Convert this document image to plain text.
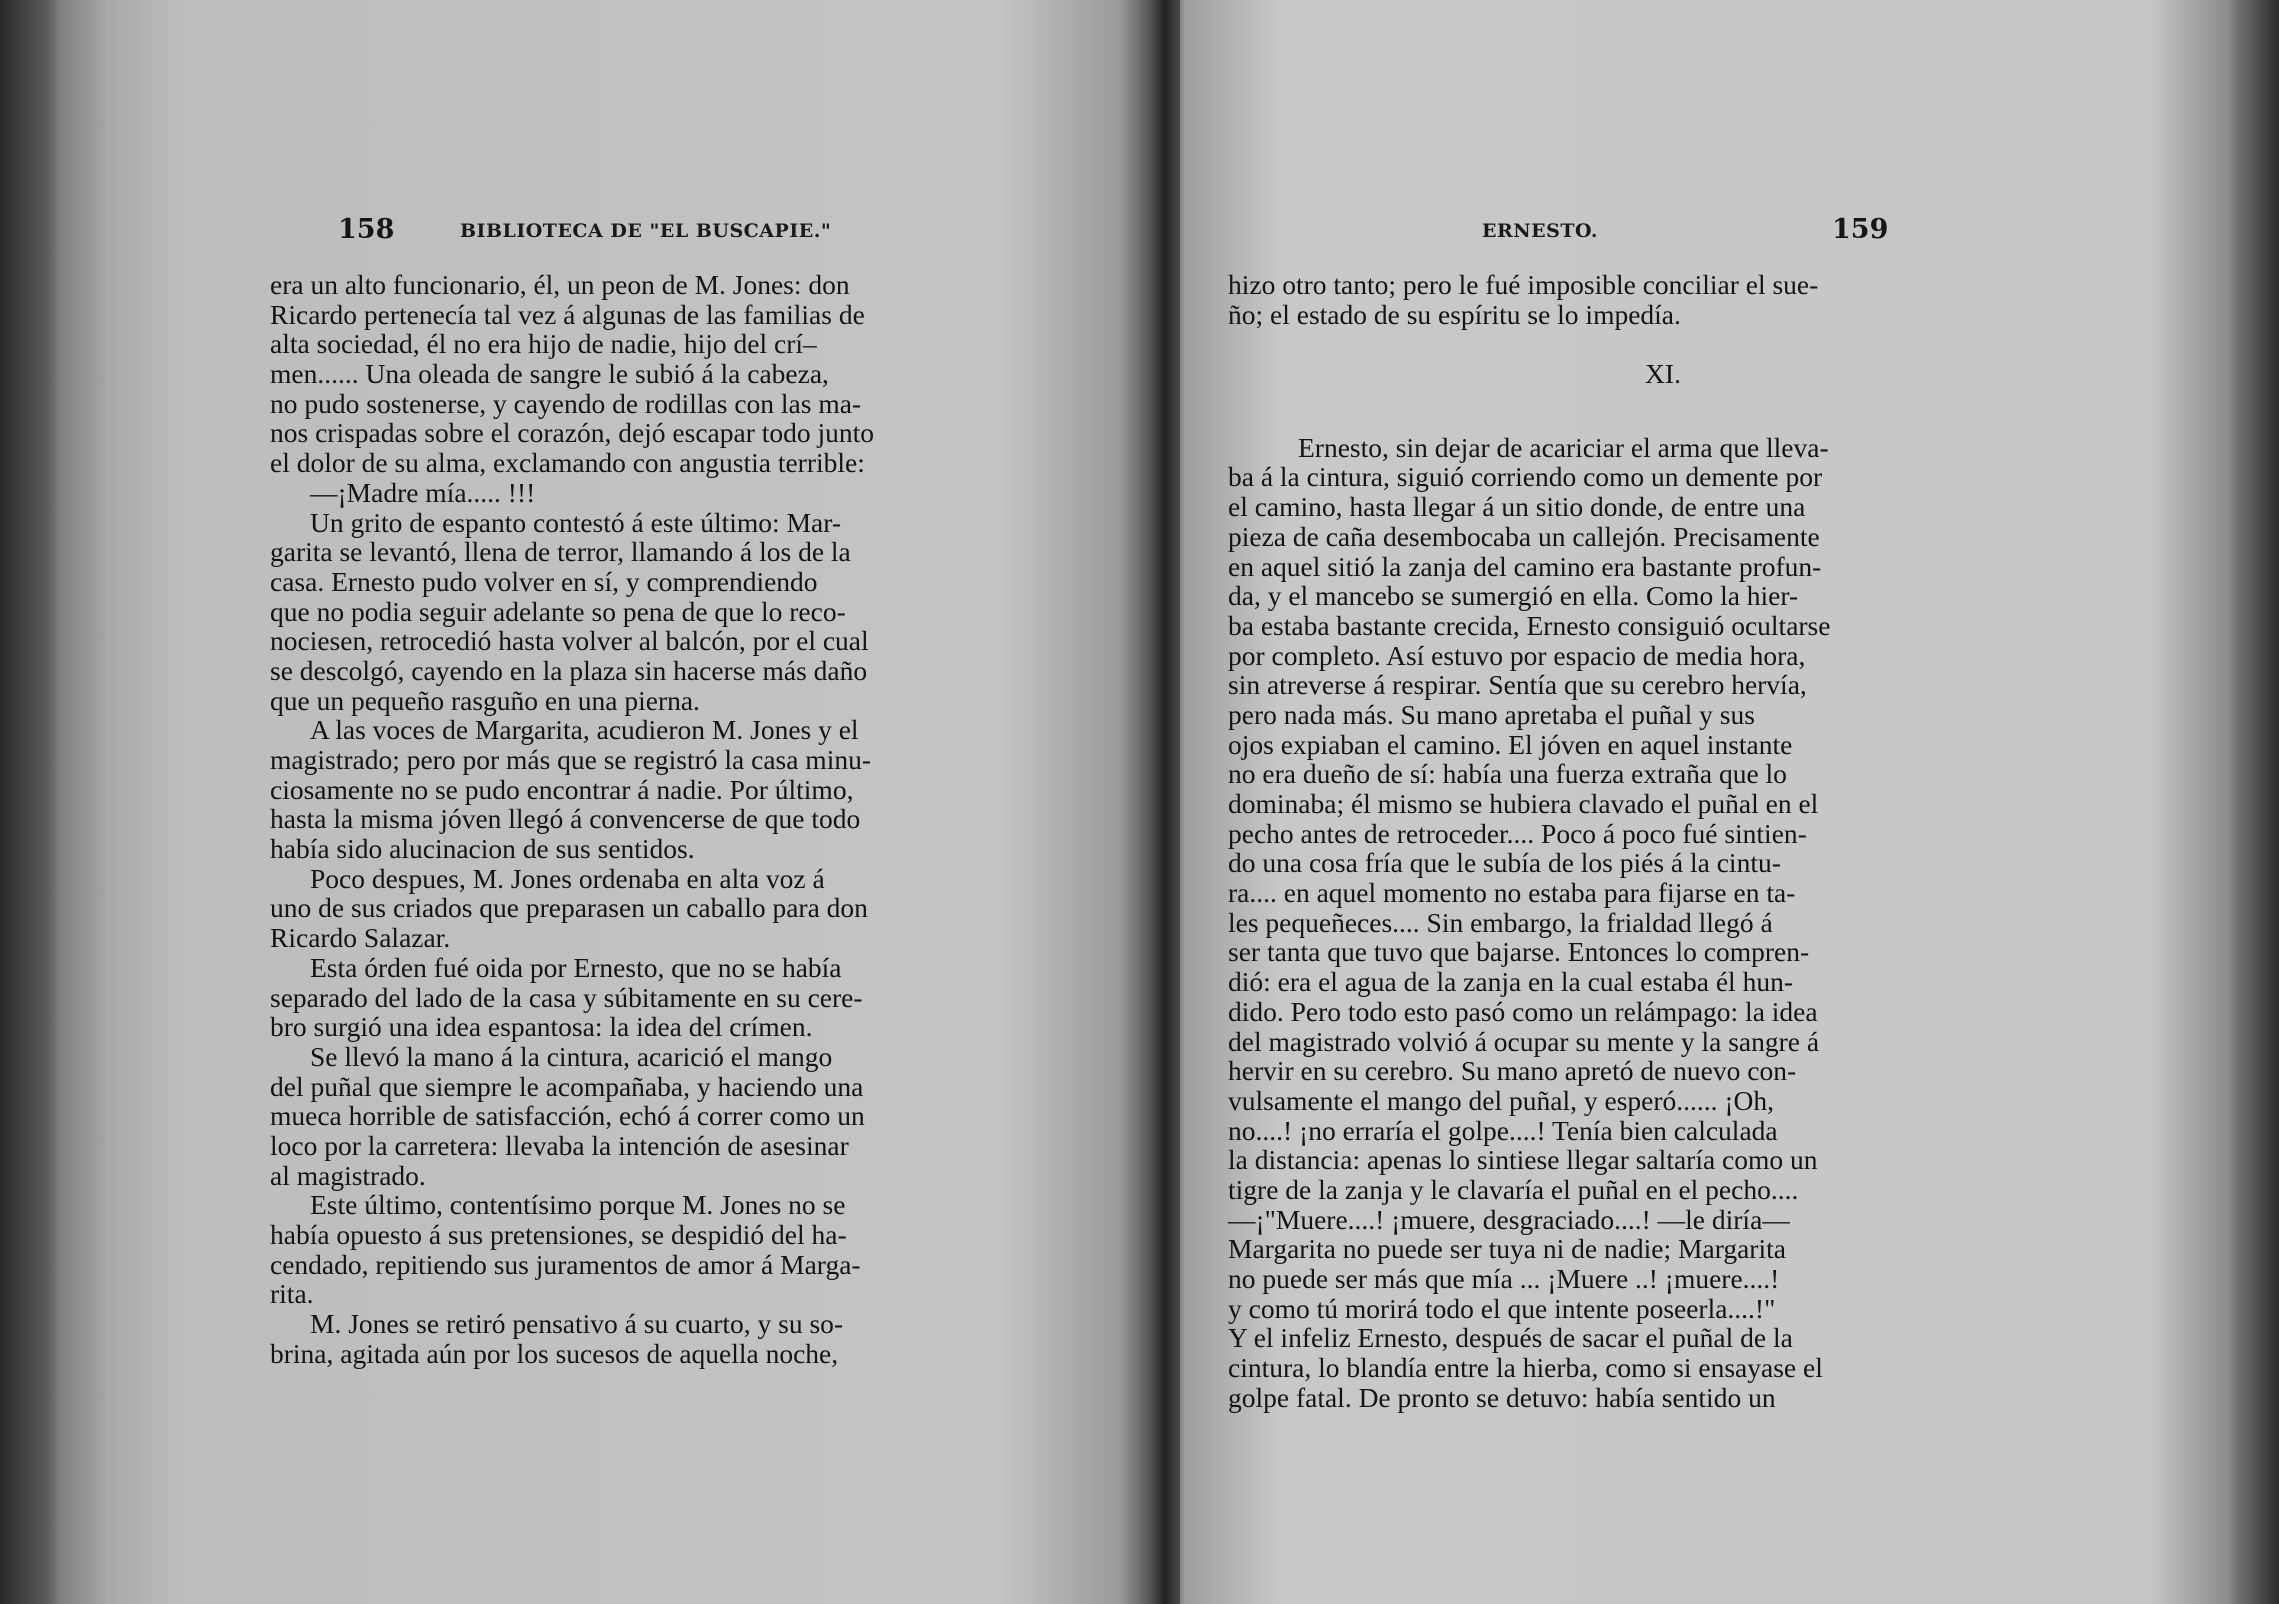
158	BIBLIOTECA DE "EL BUSCAPIE."
era un alto funcionario, él, un peon de M. Jones: don
Ricardo pertenecía tal vez á algunas de las familias de
alta sociedad, él no era hijo de nadie, hijo del crí–
men...... Una oleada de sangre le subió á la cabeza,
no pudo sostenerse, y cayendo de rodillas con las ma-
nos crispadas sobre el corazón, dejó escapar todo junto
el dolor de su alma, exclamando con angustia terrible:
—¡Madre mía..... !!!
Un grito de espanto contestó á este último: Mar-
garita se levantó, llena de terror, llamando á los de la
casa. Ernesto pudo volver en sí, y comprendiendo
que no podia seguir adelante so pena de que lo reco-
nociesen, retrocedió hasta volver al balcón, por el cual
se descolgó, cayendo en la plaza sin hacerse más daño
que un pequeño rasguño en una pierna.
A las voces de Margarita, acudieron M. Jones y el
magistrado; pero por más que se registró la casa minu-
ciosamente no se pudo encontrar á nadie. Por último,
hasta la misma jóven llegó á convencerse de que todo
había sido alucinacion de sus sentidos.
Poco despues, M. Jones ordenaba en alta voz á
uno de sus criados que preparasen un caballo para don
Ricardo Salazar.
Esta órden fué oida por Ernesto, que no se había
separado del lado de la casa y súbitamente en su cere-
bro surgió una idea espantosa: la idea del crímen.
Se llevó la mano á la cintura, acarició el mango
del puñal que siempre le acompañaba, y haciendo una
mueca horrible de satisfacción, echó á correr como un
loco por la carretera: llevaba la intención de asesinar
al magistrado.
Este último, contentísimo porque M. Jones no se
había opuesto á sus pretensiones, se despidió del ha-
cendado, repitiendo sus juramentos de amor á Marga-
rita.
M. Jones se retiró pensativo á su cuarto, y su so-
brina, agitada aún por los sucesos de aquella noche,
ERNESTO.	159
hizo otro tanto; pero le fué imposible conciliar el sue-
ño; el estado de su espíritu se lo impedía.
XI.
Ernesto, sin dejar de acariciar el arma que lleva-
ba á la cintura, siguió corriendo como un demente por
el camino, hasta llegar á un sitio donde, de entre una
pieza de caña desembocaba un callejón. Precisamente
en aquel sitió la zanja del camino era bastante profun-
da, y el mancebo se sumergió en ella. Como la hier-
ba estaba bastante crecida, Ernesto consiguió ocultarse
por completo. Así estuvo por espacio de media hora,
sin atreverse á respirar. Sentía que su cerebro hervía,
pero nada más. Su mano apretaba el puñal y sus
ojos expiaban el camino. El jóven en aquel instante
no era dueño de sí: había una fuerza extraña que lo
dominaba; él mismo se hubiera clavado el puñal en el
pecho antes de retroceder.... Poco á poco fué sintien-
do una cosa fría que le subía de los piés á la cintu-
ra.... en aquel momento no estaba para fijarse en ta-
les pequeñeces.... Sin embargo, la frialdad llegó á
ser tanta que tuvo que bajarse. Entonces lo compren-
dió: era el agua de la zanja en la cual estaba él hun-
dido. Pero todo esto pasó como un relámpago: la idea
del magistrado volvió á ocupar su mente y la sangre á
hervir en su cerebro. Su mano apretó de nuevo con-
vulsamente el mango del puñal, y esperó...... ¡Oh,
no....! ¡no erraría el golpe....! Tenía bien calculada
la distancia: apenas lo sintiese llegar saltaría como un
tigre de la zanja y le clavaría el puñal en el pecho....
—¡"Muere....! ¡muere, desgraciado....! —le diría—
Margarita no puede ser tuya ni de nadie; Margarita
no puede ser más que mía ... ¡Muere ..! ¡muere....!
y como tú morirá todo el que intente poseerla....!"
Y el infeliz Ernesto, después de sacar el puñal de la
cinturа, lo blandía entre la hierba, como si ensayase el
golpe fatal. De pronto se detuvo: había sentido un
